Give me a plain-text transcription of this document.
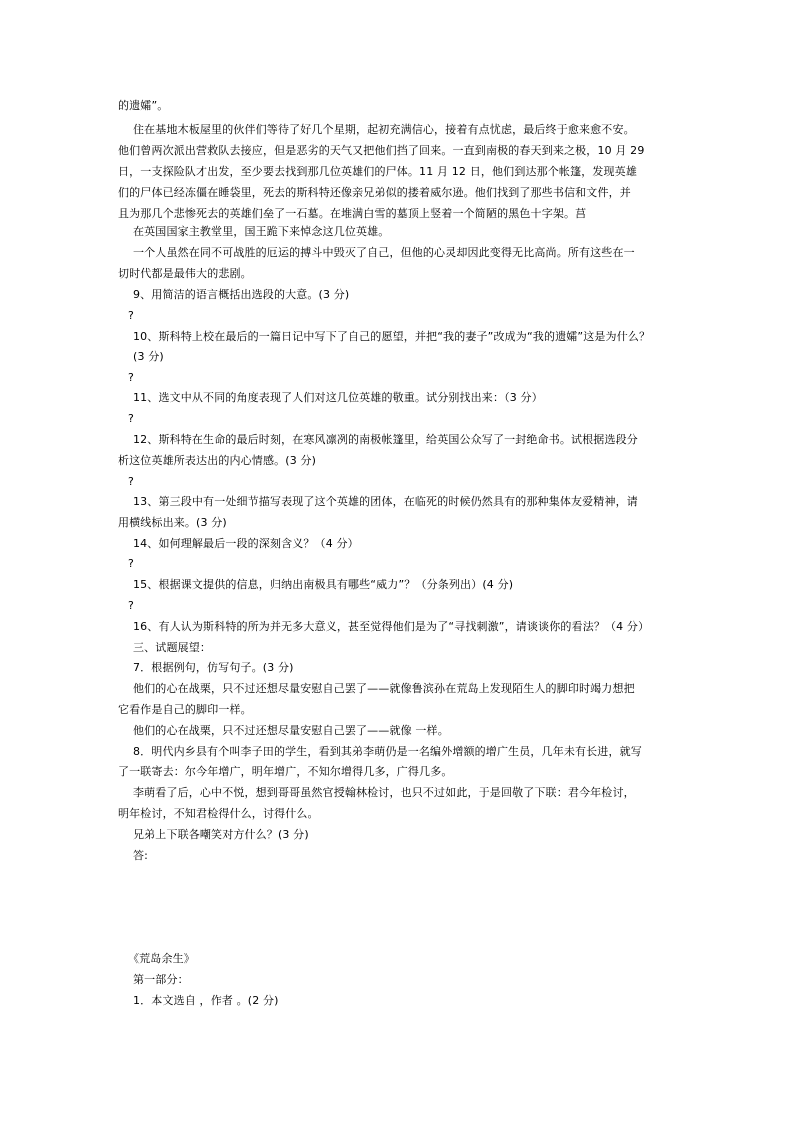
的遗孀”。
住在基地木板屋里的伙伴们等待了好几个星期，起初充满信心，接着有点忧虑，最后终于愈来愈不安。
他们曾两次派出营救队去接应，但是恶劣的天气又把他们挡了回来。一直到南极的春天到来之极，10 月 29
日，一支探险队才出发，至少要去找到那几位英雄们的尸体。11 月 12 日，他们到达那个帐篷，发现英雄
们的尸体已经冻僵在睡袋里，死去的斯科特还像亲兄弟似的搂着威尔逊。他们找到了那些书信和文件，并
且为那几个悲惨死去的英雄们垒了一石墓。在堆满白雪的墓顶上竖着一个简陋的黑色十字架。莒
在英国国家主教堂里，国王跪下来悼念这几位英雄。
一个人虽然在同不可战胜的厄运的搏斗中毁灭了自己，但他的心灵却因此变得无比高尚。所有这些在一
切时代都是最伟大的悲剧。
9、用简洁的语言概括出选段的大意。(3 分)
?
10、斯科特上校在最后的一篇日记中写下了自己的愿望，并把“我的妻子”改成为“我的遗孀”这是为什么？
(3 分)
?
11、选文中从不同的角度表现了人们对这几位英雄的敬重。试分别找出来：（3 分）
?
12、斯科特在生命的最后时刻，在寒风凛冽的南极帐篷里，给英国公众写了一封绝命书。试根据选段分
析这位英雄所表达出的内心情感。(3 分)
?
13、第三段中有一处细节描写表现了这个英雄的团体，在临死的时候仍然具有的那种集体友爱精神，请
用横线标出来。(3 分)
14、如何理解最后一段的深刻含义？（4 分）
?
15、根据课文提供的信息，归纳出南极具有哪些“威力”？（分条列出）(4 分)
?
16、有人认为斯科特的所为并无多大意义，甚至觉得他们是为了“寻找刺激”，请谈谈你的看法？（4 分）
三、试题展望：
7．根据例句，仿写句子。(3 分)
他们的心在战栗，只不过还想尽量安慰自己罢了——就像鲁滨孙在荒岛上发现陌生人的脚印时竭力想把
它看作是自己的脚印一样。
他们的心在战栗，只不过还想尽量安慰自己罢了——就像 一样。
8．明代内乡县有个叫李子田的学生，看到其弟李萌仍是一名编外增额的增广生员，几年未有长进，就写
了一联寄去：尔今年增广，明年增广，不知尔增得几多，广得几多。
李萌看了后，心中不悦，想到哥哥虽然官授翰林检讨，也只不过如此，于是回敬了下联：君今年检讨，
明年检讨，不知君检得什么，讨得什么。
兄弟上下联各嘲笑对方什么？(3 分)
答:
《荒岛余生》
第一部分：
1．本文选自 ，作者 。(2 分)
